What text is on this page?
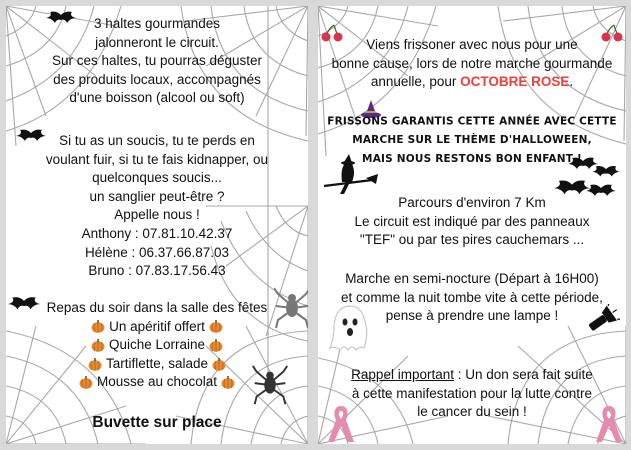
3 haltes gourmandes
jalonneront le circuit.
Sur ces haltes, tu pourras déguster
des produits locaux, accompagnés
d'une boisson (alcool ou soft)
Si tu as un soucis, tu te perds en
voulant fuir, si tu te fais kidnapper, ou
quelconques soucis...
un sanglier peut-être ?
Appelle nous !
Anthony : 07.81.10.42.37
Hélène : 06.37.66.87.03
Bruno : 07.83.17.56.43
Repas du soir dans la salle des fêtes
Un apéritif offert
Quiche Lorraine
Tartiflette, salade
Mousse au chocolat
Buvette sur place
Viens frissoner avec nous pour une
bonne cause, lors de notre marche gourmande
annuelle, pour OCTOBRE ROSE.
FRISSONS GARANTIS CETTE ANNÉE AVEC CETTE
MARCHE SUR LE THÈME D'HALLOWEEN,
MAIS NOUS RESTONS BON ENFANT !
Parcours d'environ 7 Km
Le circuit est indiqué par des panneaux
"TEF" ou par tes pires cauchemars ...
Marche en semi-nocture (Départ à 16H00)
et comme la nuit tombe vite à cette période,
pense à prendre une lampe !
Rappel important : Un don sera fait suite
à cette manifestation pour la lutte contre
le cancer du sein !
